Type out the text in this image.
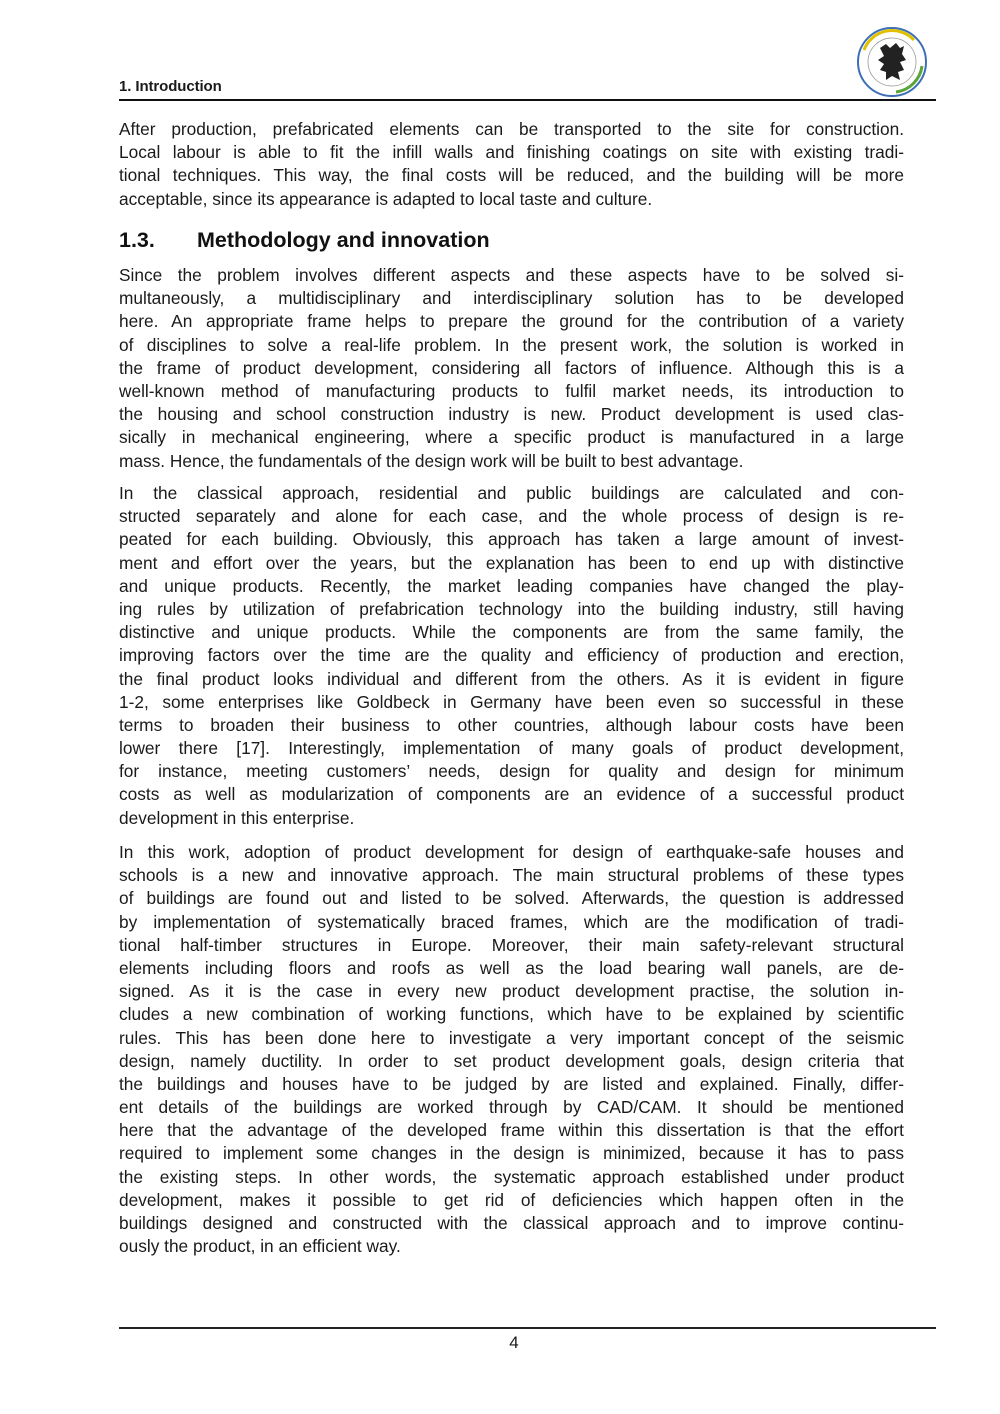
1. Introduction

After production, prefabricated elements can be transported to the site for construction.
Local labour is able to fit the infill walls and finishing coatings on site with existing tradi-
tional techniques. This way, the final costs will be reduced, and the building will be more
acceptable, since its appearance is adapted to local taste and culture.

1.3. Methodology and innovation

Since the problem involves different aspects and these aspects have to be solved si-
multaneously, a multidisciplinary and interdisciplinary solution has to be developed
here. An appropriate frame helps to prepare the ground for the contribution of a variety
of disciplines to solve a real-life problem. In the present work, the solution is worked in
the frame of product development, considering all factors of influence. Although this is a
well-known method of manufacturing products to fulfil market needs, its introduction to
the housing and school construction industry is new. Product development is used clas-
sically in mechanical engineering, where a specific product is manufactured in a large
mass. Hence, the fundamentals of the design work will be built to best advantage.

In the classical approach, residential and public buildings are calculated and con-
structed separately and alone for each case, and the whole process of design is re-
peated for each building. Obviously, this approach has taken a large amount of invest-
ment and effort over the years, but the explanation has been to end up with distinctive
and unique products. Recently, the market leading companies have changed the play-
ing rules by utilization of prefabrication technology into the building industry, still having
distinctive and unique products. While the components are from the same family, the
improving factors over the time are the quality and efficiency of production and erection,
the final product looks individual and different from the others. As it is evident in figure
1-2, some enterprises like Goldbeck in Germany have been even so successful in these
terms to broaden their business to other countries, although labour costs have been
lower there [17]. Interestingly, implementation of many goals of product development,
for instance, meeting customers’ needs, design for quality and design for minimum
costs as well as modularization of components are an evidence of a successful product
development in this enterprise.

In this work, adoption of product development for design of earthquake-safe houses and
schools is a new and innovative approach. The main structural problems of these types
of buildings are found out and listed to be solved. Afterwards, the question is addressed
by implementation of systematically braced frames, which are the modification of tradi-
tional half-timber structures in Europe. Moreover, their main safety-relevant structural
elements including floors and roofs as well as the load bearing wall panels, are de-
signed. As it is the case in every new product development practise, the solution in-
cludes a new combination of working functions, which have to be explained by scientific
rules. This has been done here to investigate a very important concept of the seismic
design, namely ductility. In order to set product development goals, design criteria that
the buildings and houses have to be judged by are listed and explained. Finally, differ-
ent details of the buildings are worked through by CAD/CAM. It should be mentioned
here that the advantage of the developed frame within this dissertation is that the effort
required to implement some changes in the design is minimized, because it has to pass
the existing steps. In other words, the systematic approach established under product
development, makes it possible to get rid of deficiencies which happen often in the
buildings designed and constructed with the classical approach and to improve continu-
ously the product, in an efficient way.

4
